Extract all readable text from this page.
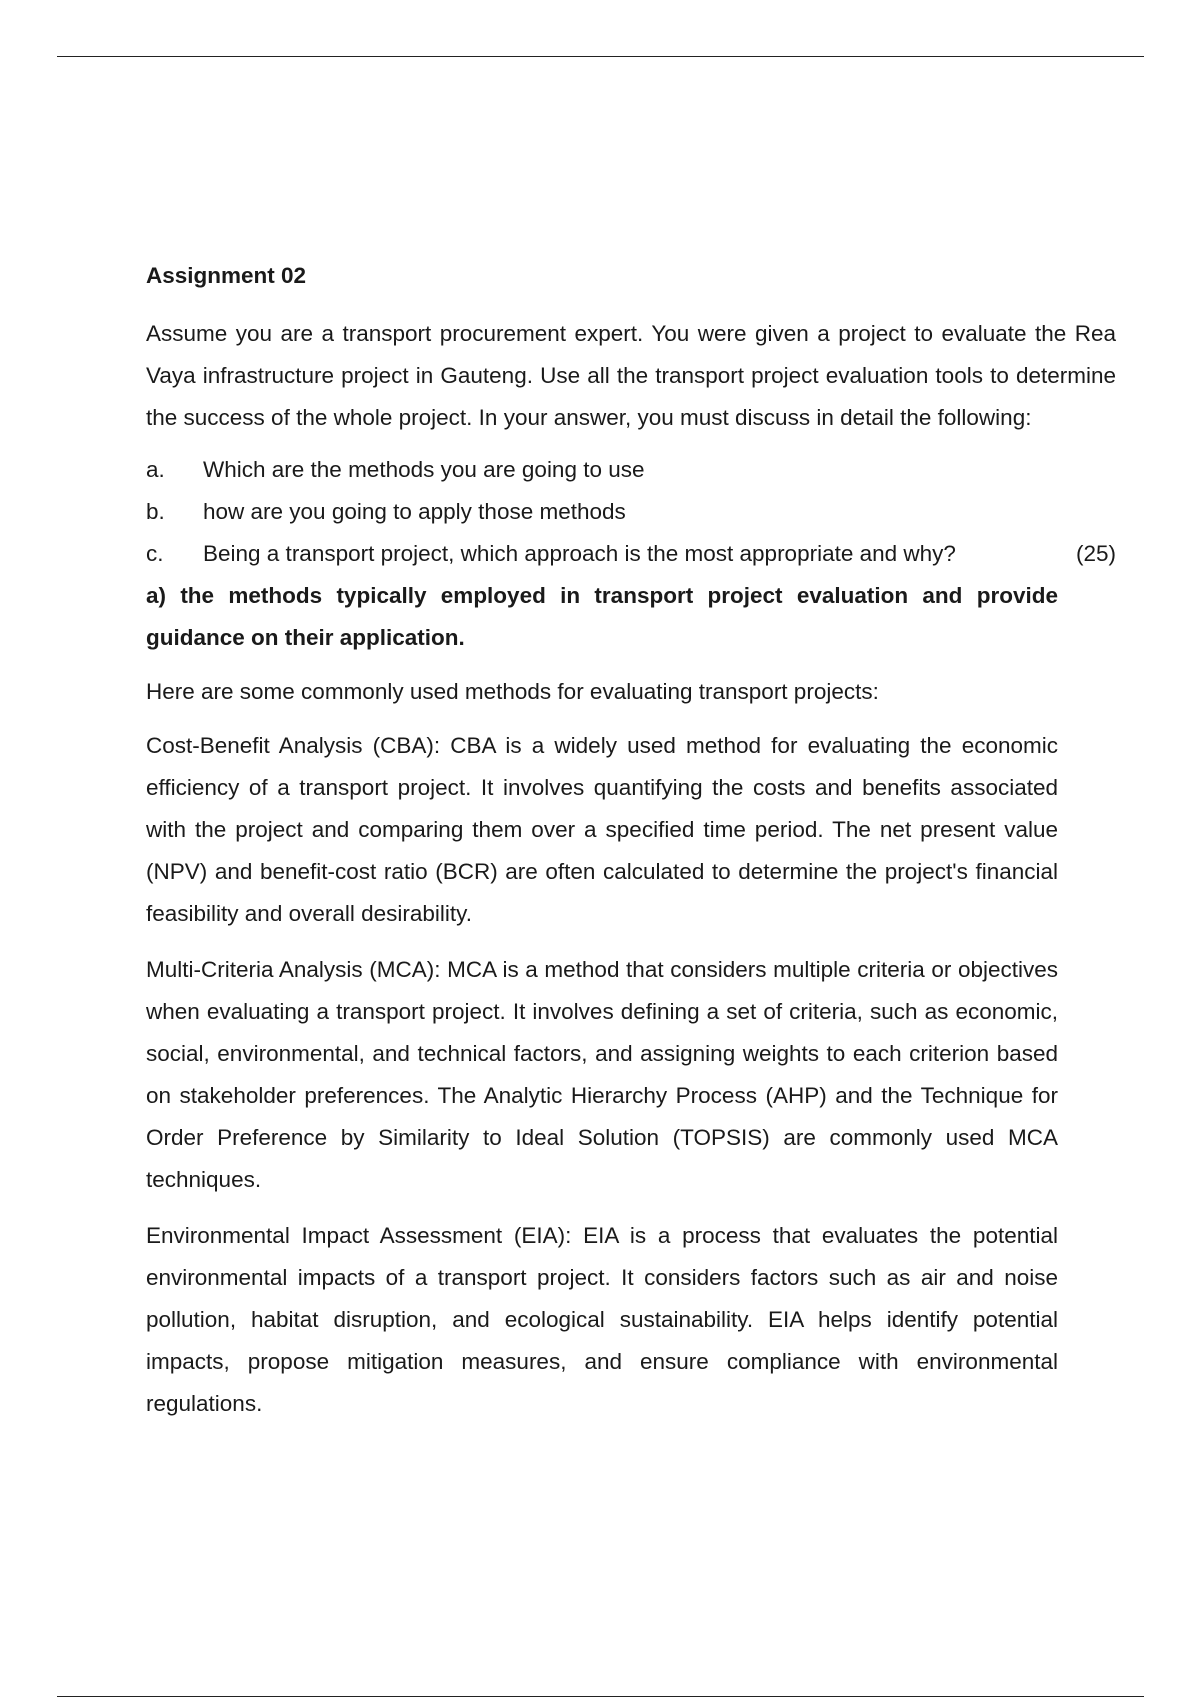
Assignment 02

Assume you are a transport procurement expert. You were given a project to evaluate the Rea Vaya infrastructure project in Gauteng. Use all the transport project evaluation tools to determine the success of the whole project. In your answer, you must discuss in detail the following:

a.	Which are the methods you are going to use
b.	how are you going to apply those methods
c.	Being a transport project, which approach is the most appropriate and why?	(25)

a) the methods typically employed in transport project evaluation and provide guidance on their application.

Here are some commonly used methods for evaluating transport projects:

Cost-Benefit Analysis (CBA): CBA is a widely used method for evaluating the economic efficiency of a transport project. It involves quantifying the costs and benefits associated with the project and comparing them over a specified time period. The net present value (NPV) and benefit-cost ratio (BCR) are often calculated to determine the project's financial feasibility and overall desirability.

Multi-Criteria Analysis (MCA): MCA is a method that considers multiple criteria or objectives when evaluating a transport project. It involves defining a set of criteria, such as economic, social, environmental, and technical factors, and assigning weights to each criterion based on stakeholder preferences. The Analytic Hierarchy Process (AHP) and the Technique for Order Preference by Similarity to Ideal Solution (TOPSIS) are commonly used MCA techniques.

Environmental Impact Assessment (EIA): EIA is a process that evaluates the potential environmental impacts of a transport project. It considers factors such as air and noise pollution, habitat disruption, and ecological sustainability. EIA helps identify potential impacts, propose mitigation measures, and ensure compliance with environmental regulations.
